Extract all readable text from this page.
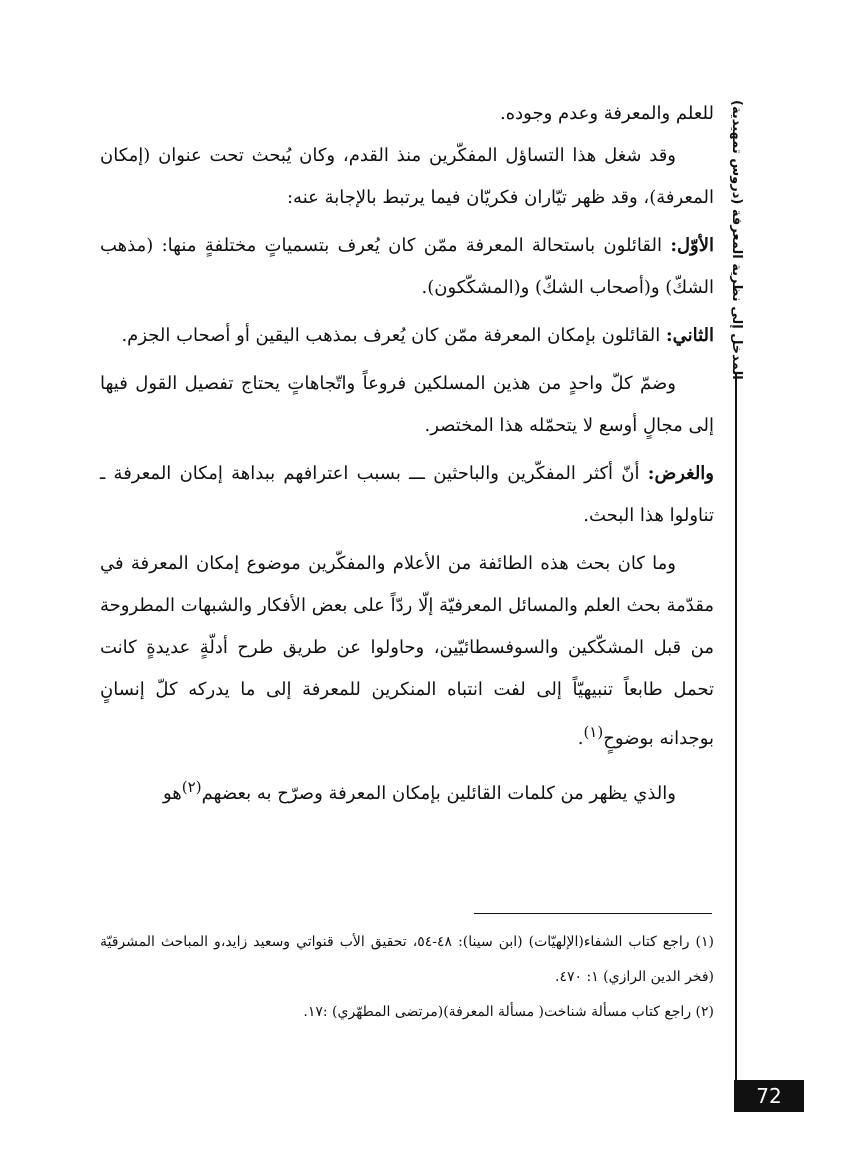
المدخل إلى نظرية المعرفة (دروس تمهيدية)

للعلم والمعرفة وعدم وجوده.

وقد شغل هذا التساؤل المفكّرين منذ القدم، وكان يُبحث تحت عنوان (إمكان المعرفة)، وقد ظهر تيّاران فكريّان فيما يرتبط بالإجابة عنه:

الأوّل: القائلون باستحالة المعرفة ممّن كان يُعرف بتسمياتٍ مختلفةٍ منها: (مذهب الشكّ) و(أصحاب الشكّ) و(المشكّكون).

الثاني: القائلون بإمكان المعرفة ممّن كان يُعرف بمذهب اليقين أو أصحاب الجزم.

وضمّ كلّ واحدٍ من هذين المسلكين فروعاً واتّجاهاتٍ يحتاج تفصيل القول فيها إلى مجالٍ أوسع لا يتحمّله هذا المختصر.

والغرض: أنّ أكثر المفكّرين والباحثين ـــ بسبب اعترافهم ببداهة إمكان المعرفة ـ تناولوا هذا البحث.

وما كان بحث هذه الطائفة من الأعلام والمفكّرين موضوع إمكان المعرفة في مقدّمة بحث العلم والمسائل المعرفيّة إلّا ردّاً على بعض الأفكار والشبهات المطروحة من قبل المشكّكين والسوفسطائيّين، وحاولوا عن طريق طرح أدلّةٍ عديدةٍ كانت تحمل طابعاً تنبيهيّاً إلى لفت انتباه المنكرين للمعرفة إلى ما يدركه كلّ إنسانٍ بوجدانه بوضوحٍ$^{(١)}$.

والذي يظهر من كلمات القائلين بإمكان المعرفة وصرّح به بعضهم$^{(٢)}$هو

(١) راجع كتاب الشفاء(الإلهيّات) (ابن سينا): ٤٨-٥٤، تحقيق الأب قنواتي وسعيد زايد،و المباحث المشرقيّة (فخر الدين الرازي) ١: ٤٧٠.

(٢) راجع كتاب مسألة شناخت( مسألة المعرفة)(مرتضى المطهّري) :١٧.

72
